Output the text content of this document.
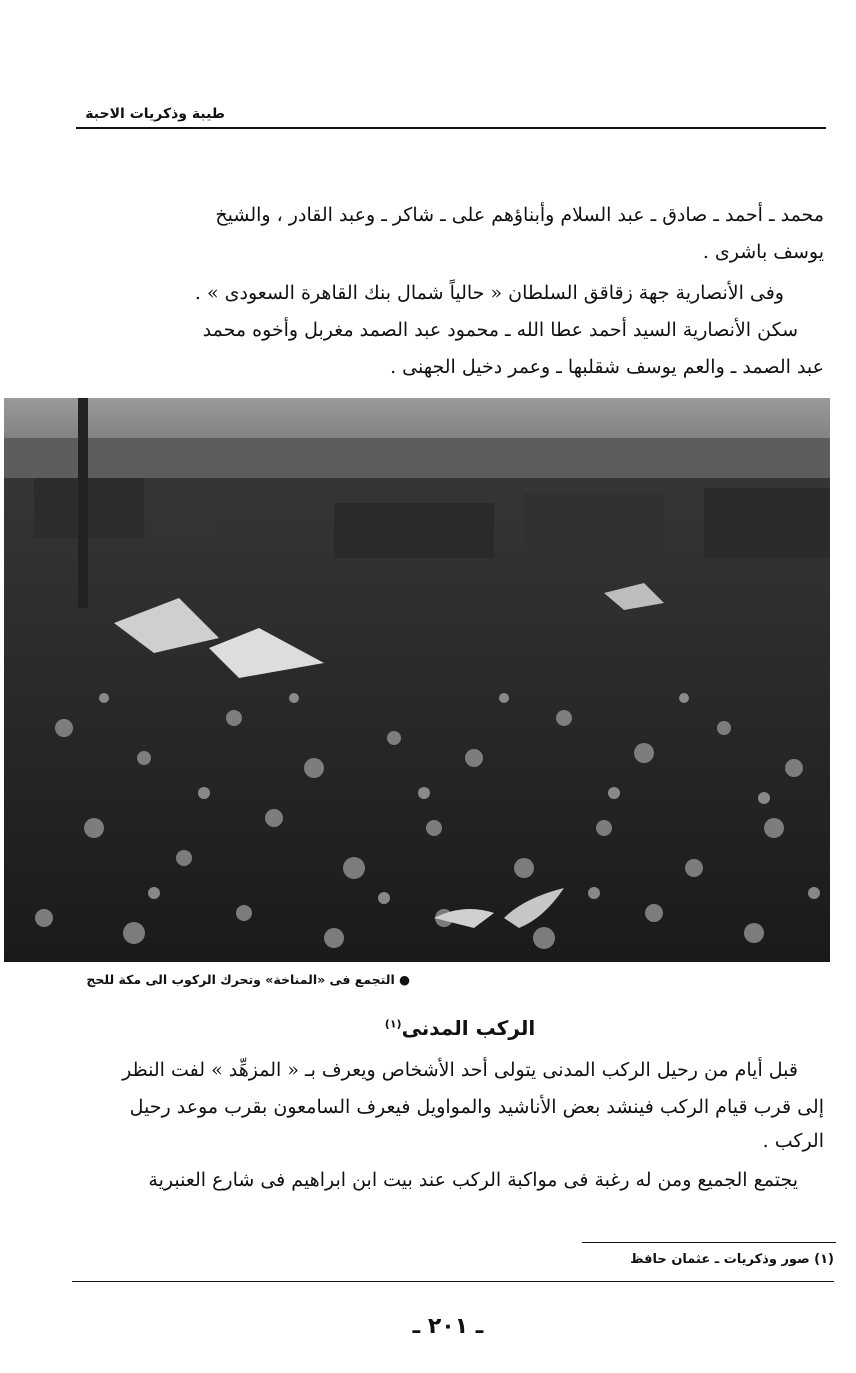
طيبة وذكريات الاحبة

محمد ـ أحمد ـ صادق ـ عبد السلام وأبناؤهم على ـ شاكر ـ وعبد القادر ، والشيخ

يوسف باشرى .

وفى الأنصارية جهة زقاقق السلطان « حالياً شمال بنك القاهرة السعودى » .

سكن الأنصارية السيد أحمد عطا الله ـ محمود عبد الصمد مغربل وأخوه محمد

عبد الصمد ـ والعم يوسف شقلبها ـ وعمر دخيل الجهنى .

● التجمع فى «المناخة» وتحرك الركوب الى مكة للحج
الركب المدنى$^{(١)}$

قبل أيام من رحيل الركب المدنى يتولى أحد الأشخاص ويعرف بـ « المزهِّد » لفت النظر

إلى قرب قيام الركب فينشد بعض الأناشيد والمواويل فيعرف السامعون بقرب موعد رحيل

الركب .

يجتمع الجميع ومن له رغبة فى مواكبة الركب عند بيت ابن ابراهيم فى شارع العنبرية

(١) صور وذكريات ـ عثمان حافظ
ـ ٢٠١ ـ
